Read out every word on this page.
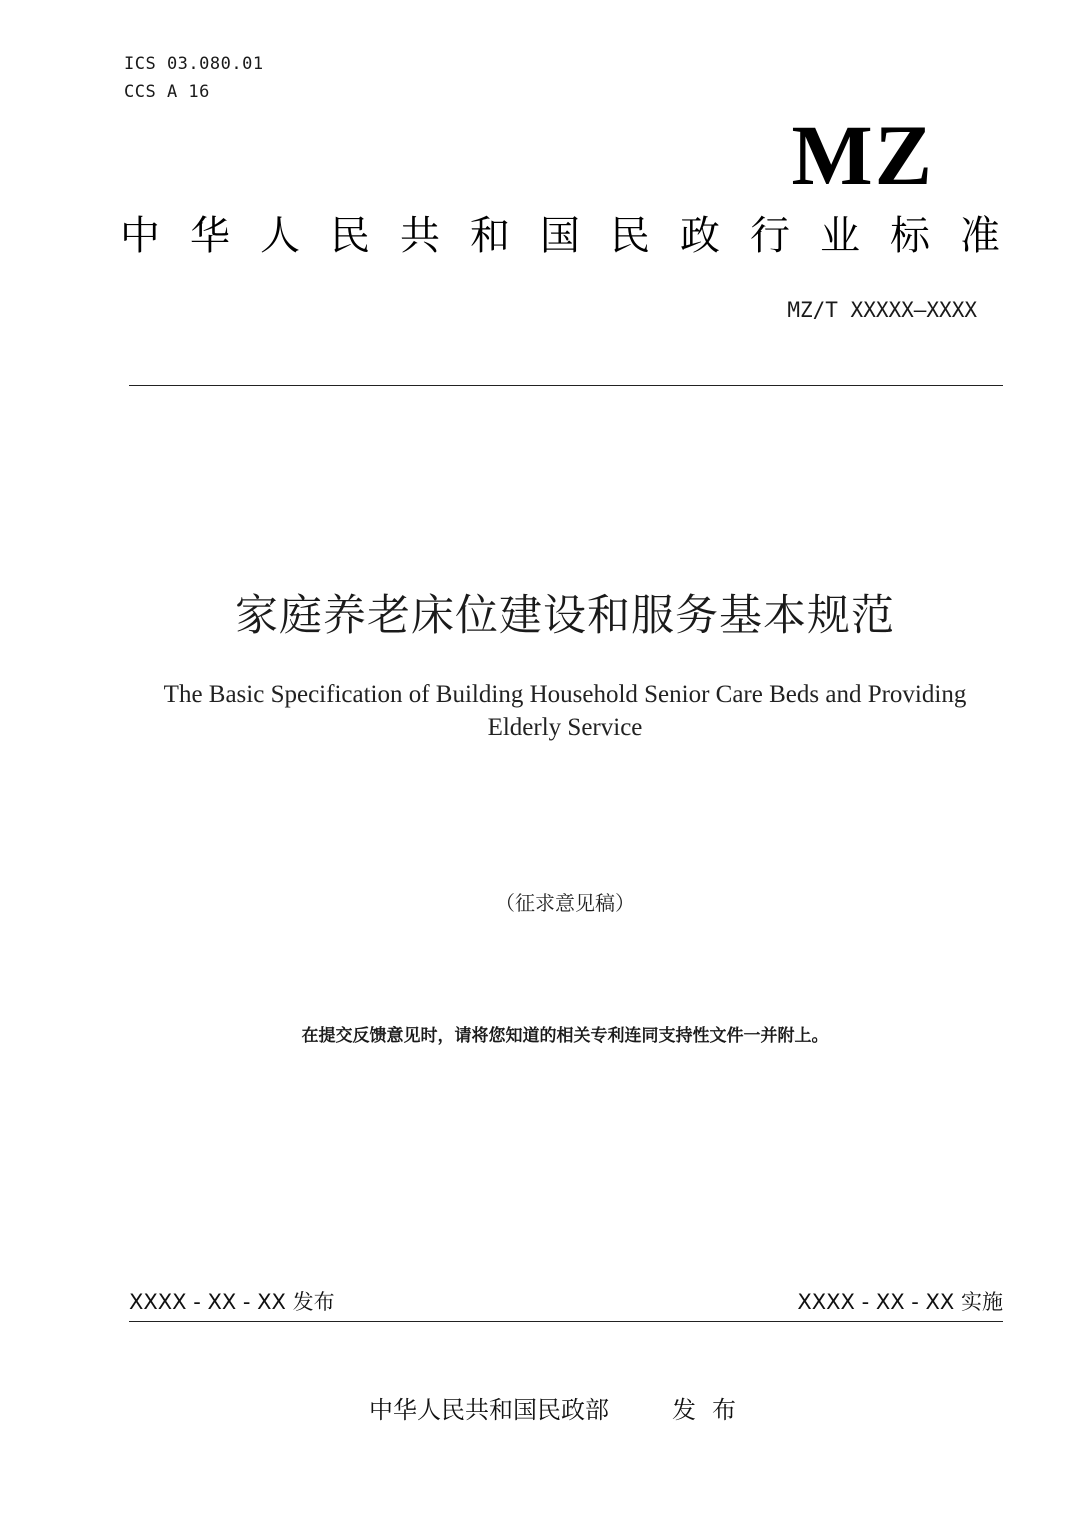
ICS 03.080.01
CCS A 16
MZ
中 华 人 民 共 和 国 民 政 行 业 标 准
MZ/T XXXXX—XXXX
家庭养老床位建设和服务基本规范
The Basic Specification of Building Household Senior Care Beds and Providing
Elderly Service
（征求意见稿）
在提交反馈意见时，请将您知道的相关专利连同支持性文件一并附上。
XXXX - XX - XX 发布	XXXX - XX - XX 实施
中华人民共和国民政部	发布
